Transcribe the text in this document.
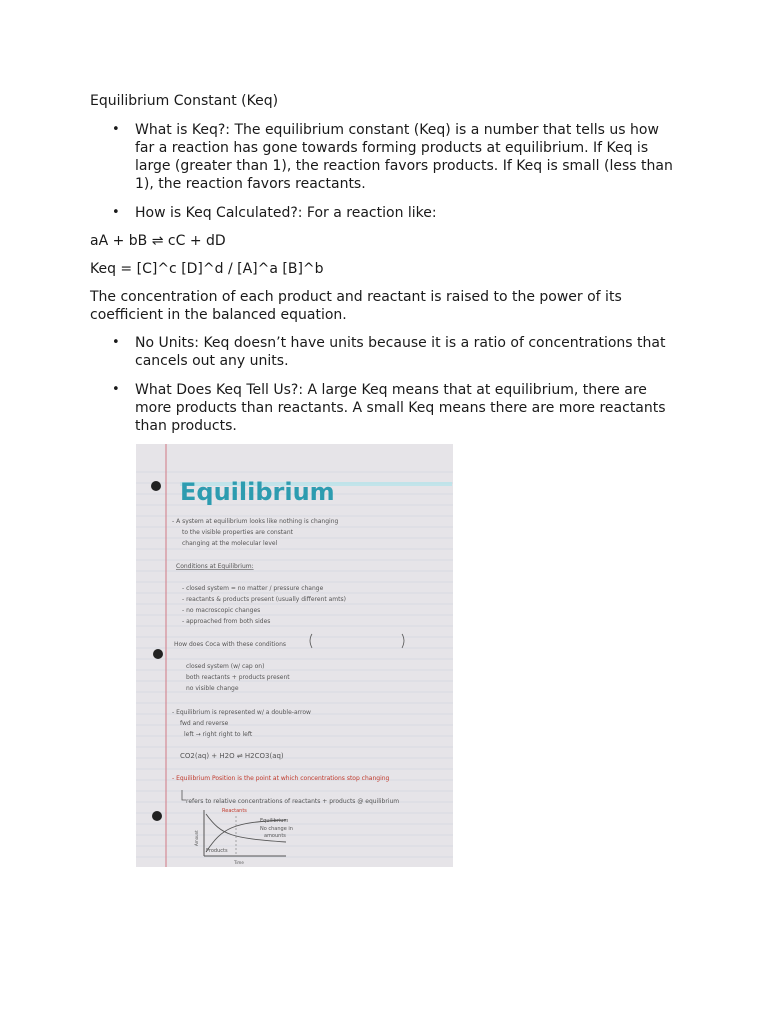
Equilibrium Constant (Keq)

• What is Keq?: The equilibrium constant (Keq) is a number that tells us how far a reaction has gone towards forming products at equilibrium. If Keq is large (greater than 1), the reaction favors products. If Keq is small (less than 1), the reaction favors reactants.
• How is Keq Calculated?: For a reaction like:

aA + bB ⇌ cC + dD

Keq = [C]^c [D]^d / [A]^a [B]^b

The concentration of each product and reactant is raised to the power of its coefficient in the balanced equation.

• No Units: Keq doesn’t have units because it is a ratio of concentrations that cancels out any units.
• What Does Keq Tell Us?: A large Keq means that at equilibrium, there are more products than reactants. A small Keq means there are more reactants than products.
Equilibrium
- A system at equilibrium looks like nothing is changing
to the visible properties are constant
changing at the molecular level
Conditions at Equilibrium:
- closed system = no matter / pressure change
- reactants & products present (usually different amts)
- no macroscopic changes
- approached from both sides
How does Coca with these conditions
closed system (w/ cap on)
both reactants + products present
no visible change
- Equilibrium is represented w/ a double-arrow
fwd and reverse
left → right right to left
CO2(aq) + H2O ⇌ H2CO3(aq)
- Equilibrium Position is the point at which concentrations stop changing
refers to relative concentrations of reactants + products @ equilibrium
Reactants
Products
Amount
Time
Equilibrium
No change in
amounts
